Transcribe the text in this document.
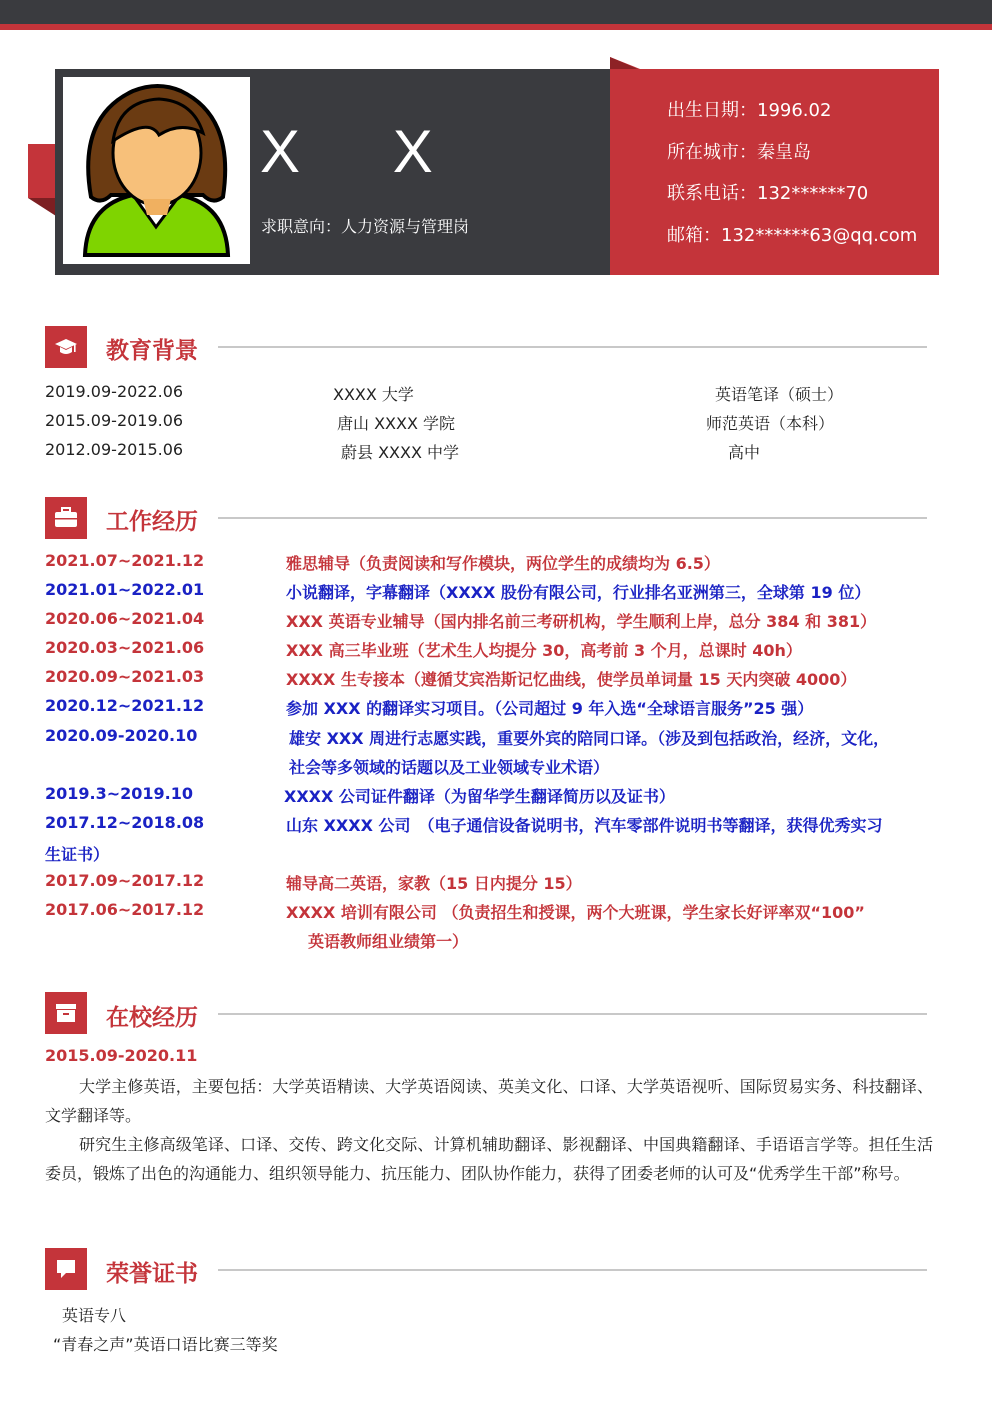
X X
求职意向：人力资源与管理岗
出生日期：1996.02
所在城市：秦皇岛
联系电话：132******70
邮箱：132******63@qq.com
教育背景
2019.09-2022.06	XXXX 大学	英语笔译（硕士）
2015.09-2019.06	唐山 XXXX 学院	师范英语（本科）
2012.09-2015.06	蔚县 XXXX 中学	高中
工作经历
2021.07~2021.12	雅思辅导（负责阅读和写作模块，两位学生的成绩均为 6.5）
2021.01~2022.01	小说翻译，字幕翻译（XXXX 股份有限公司，行业排名亚洲第三，全球第 19 位）
2020.06~2021.04	XXX 英语专业辅导（国内排名前三考研机构，学生顺利上岸，总分 384 和 381）
2020.03~2021.06	XXX 高三毕业班（艺术生人均提分 30，高考前 3 个月，总课时 40h）
2020.09~2021.03	XXXX 生专接本（遵循艾宾浩斯记忆曲线，使学员单词量 15 天内突破 4000）
2020.12~2021.12	参加 XXX 的翻译实习项目。（公司超过 9 年入选“全球语言服务”25 强）
2020.09-2020.10	雄安 XXX 周进行志愿实践，重要外宾的陪同口译。（涉及到包括政治，经济，文化，
社会等多领域的话题以及工业领域专业术语）
2019.3~2019.10	XXXX 公司证件翻译（为留华学生翻译简历以及证书）
2017.12~2018.08	山东 XXXX 公司　（电子通信设备说明书，汽车零部件说明书等翻译，获得优秀实习
生证书）
2017.09~2017.12	辅导高二英语，家教（15 日内提分 15）
2017.06~2017.12	XXXX 培训有限公司 （负责招生和授课，两个大班课，学生家长好评率双“100”
英语教师组业绩第一）
在校经历
2015.09-2020.11
大学主修英语，主要包括：大学英语精读、大学英语阅读、英美文化、口译、大学英语视听、国际贸易实务、科技翻译、文学翻译等。
研究生主修高级笔译、口译、交传、跨文化交际、计算机辅助翻译、影视翻译、中国典籍翻译、手语语言学等。担任生活委员，锻炼了出色的沟通能力、组织领导能力、抗压能力、团队协作能力，获得了团委老师的认可及“优秀学生干部”称号。
荣誉证书
英语专八
“青春之声”英语口语比赛三等奖
